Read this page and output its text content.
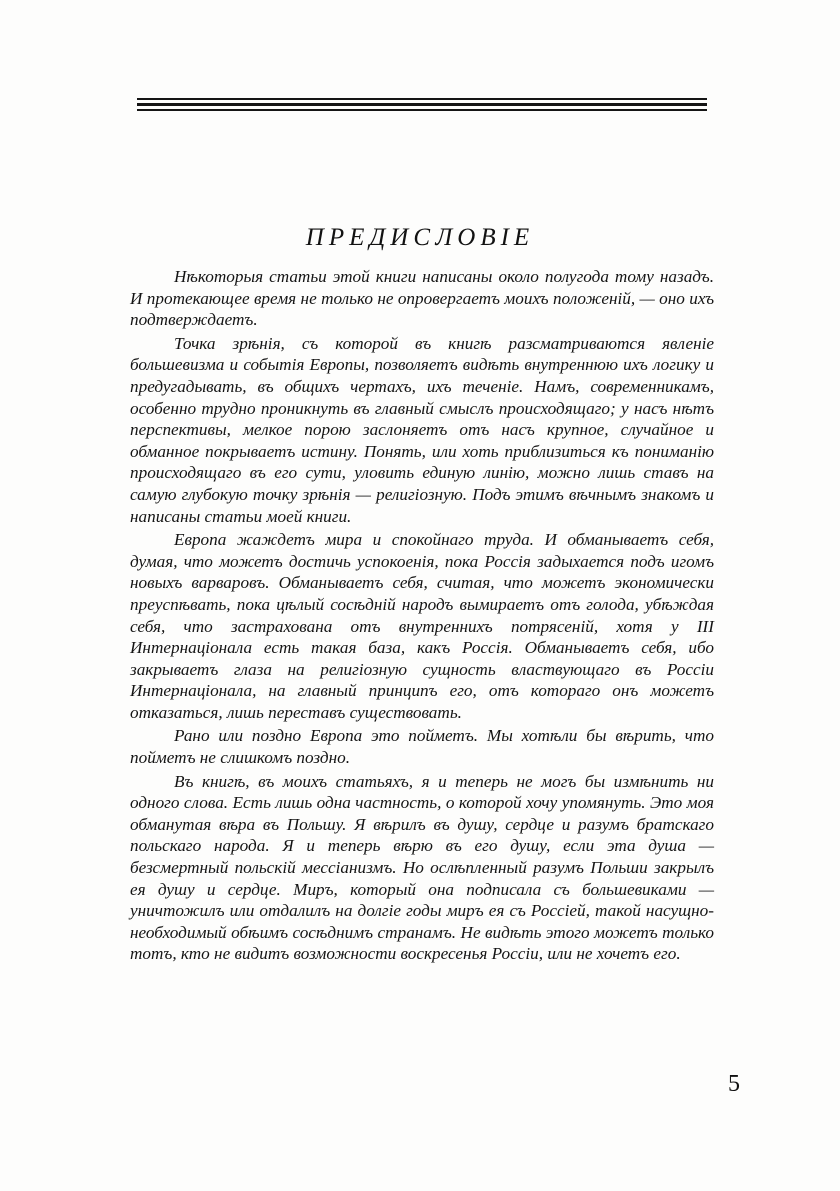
ПРЕДИСЛОВІЕ

Нѣкоторыя статьи этой книги написаны около полугода тому назадъ. И протекающее время не только не опровергаетъ моихъ положеній, — оно ихъ подтверждаетъ.

Точка зрѣнія, съ которой въ книгѣ разсматриваются явленіе большевизма и событія Европы, позволяетъ видѣть внутреннюю ихъ логику и предугадывать, въ общихъ чертахъ, ихъ теченіе. Намъ, современникамъ, особенно трудно проникнуть въ главный смыслъ происходящаго; у насъ нѣтъ перспективы, мелкое порою заслоняетъ отъ насъ крупное, случайное и обманное покрываетъ истину. Понять, или хоть приблизиться къ пониманію происходящаго въ его сути, уловить единую линію, можно лишь ставъ на самую глубокую точку зрѣнія — религіозную. Подъ этимъ вѣчнымъ знакомъ и написаны статьи моей книги.

Европа жаждетъ мира и спокойнаго труда. И обманываетъ себя, думая, что можетъ достичь успокоенія, пока Россія задыхается подъ игомъ новыхъ варваровъ. Обманываетъ себя, считая, что можетъ экономически преуспѣвать, пока цѣлый сосѣдній народъ вымираетъ отъ голода, убѣждая себя, что застрахована отъ внутреннихъ потрясеній, хотя у III Интернаціонала есть такая база, какъ Россія. Обманываетъ себя, ибо закрываетъ глаза на религіозную сущность властвующаго въ Россіи Интернаціонала, на главный принципъ его, отъ котораго онъ можетъ отказаться, лишь переставъ существовать.

Рано или поздно Европа это пойметъ. Мы хотѣли бы вѣрить, что пойметъ не слишкомъ поздно.

Въ книгѣ, въ моихъ статьяхъ, я и теперь не могъ бы измѣнить ни одного слова. Есть лишь одна частность, о которой хочу упомянуть. Это моя обманутая вѣра въ Польшу. Я вѣрилъ въ душу, сердце и разумъ братскаго польскаго народа. Я и теперь вѣрю въ его душу, если эта душа — безсмертный польскій мессіанизмъ. Но ослѣпленный разумъ Польши закрылъ ея душу и сердце. Миръ, который она подписала съ большевиками — уничтожилъ или отдалилъ на долгіе годы миръ ея съ Россіей, такой насущно-необходимый обѣимъ сосѣднимъ странамъ. Не видѣть этого можетъ только тотъ, кто не видитъ возможности воскресенья Россіи, или не хочетъ его.

5
